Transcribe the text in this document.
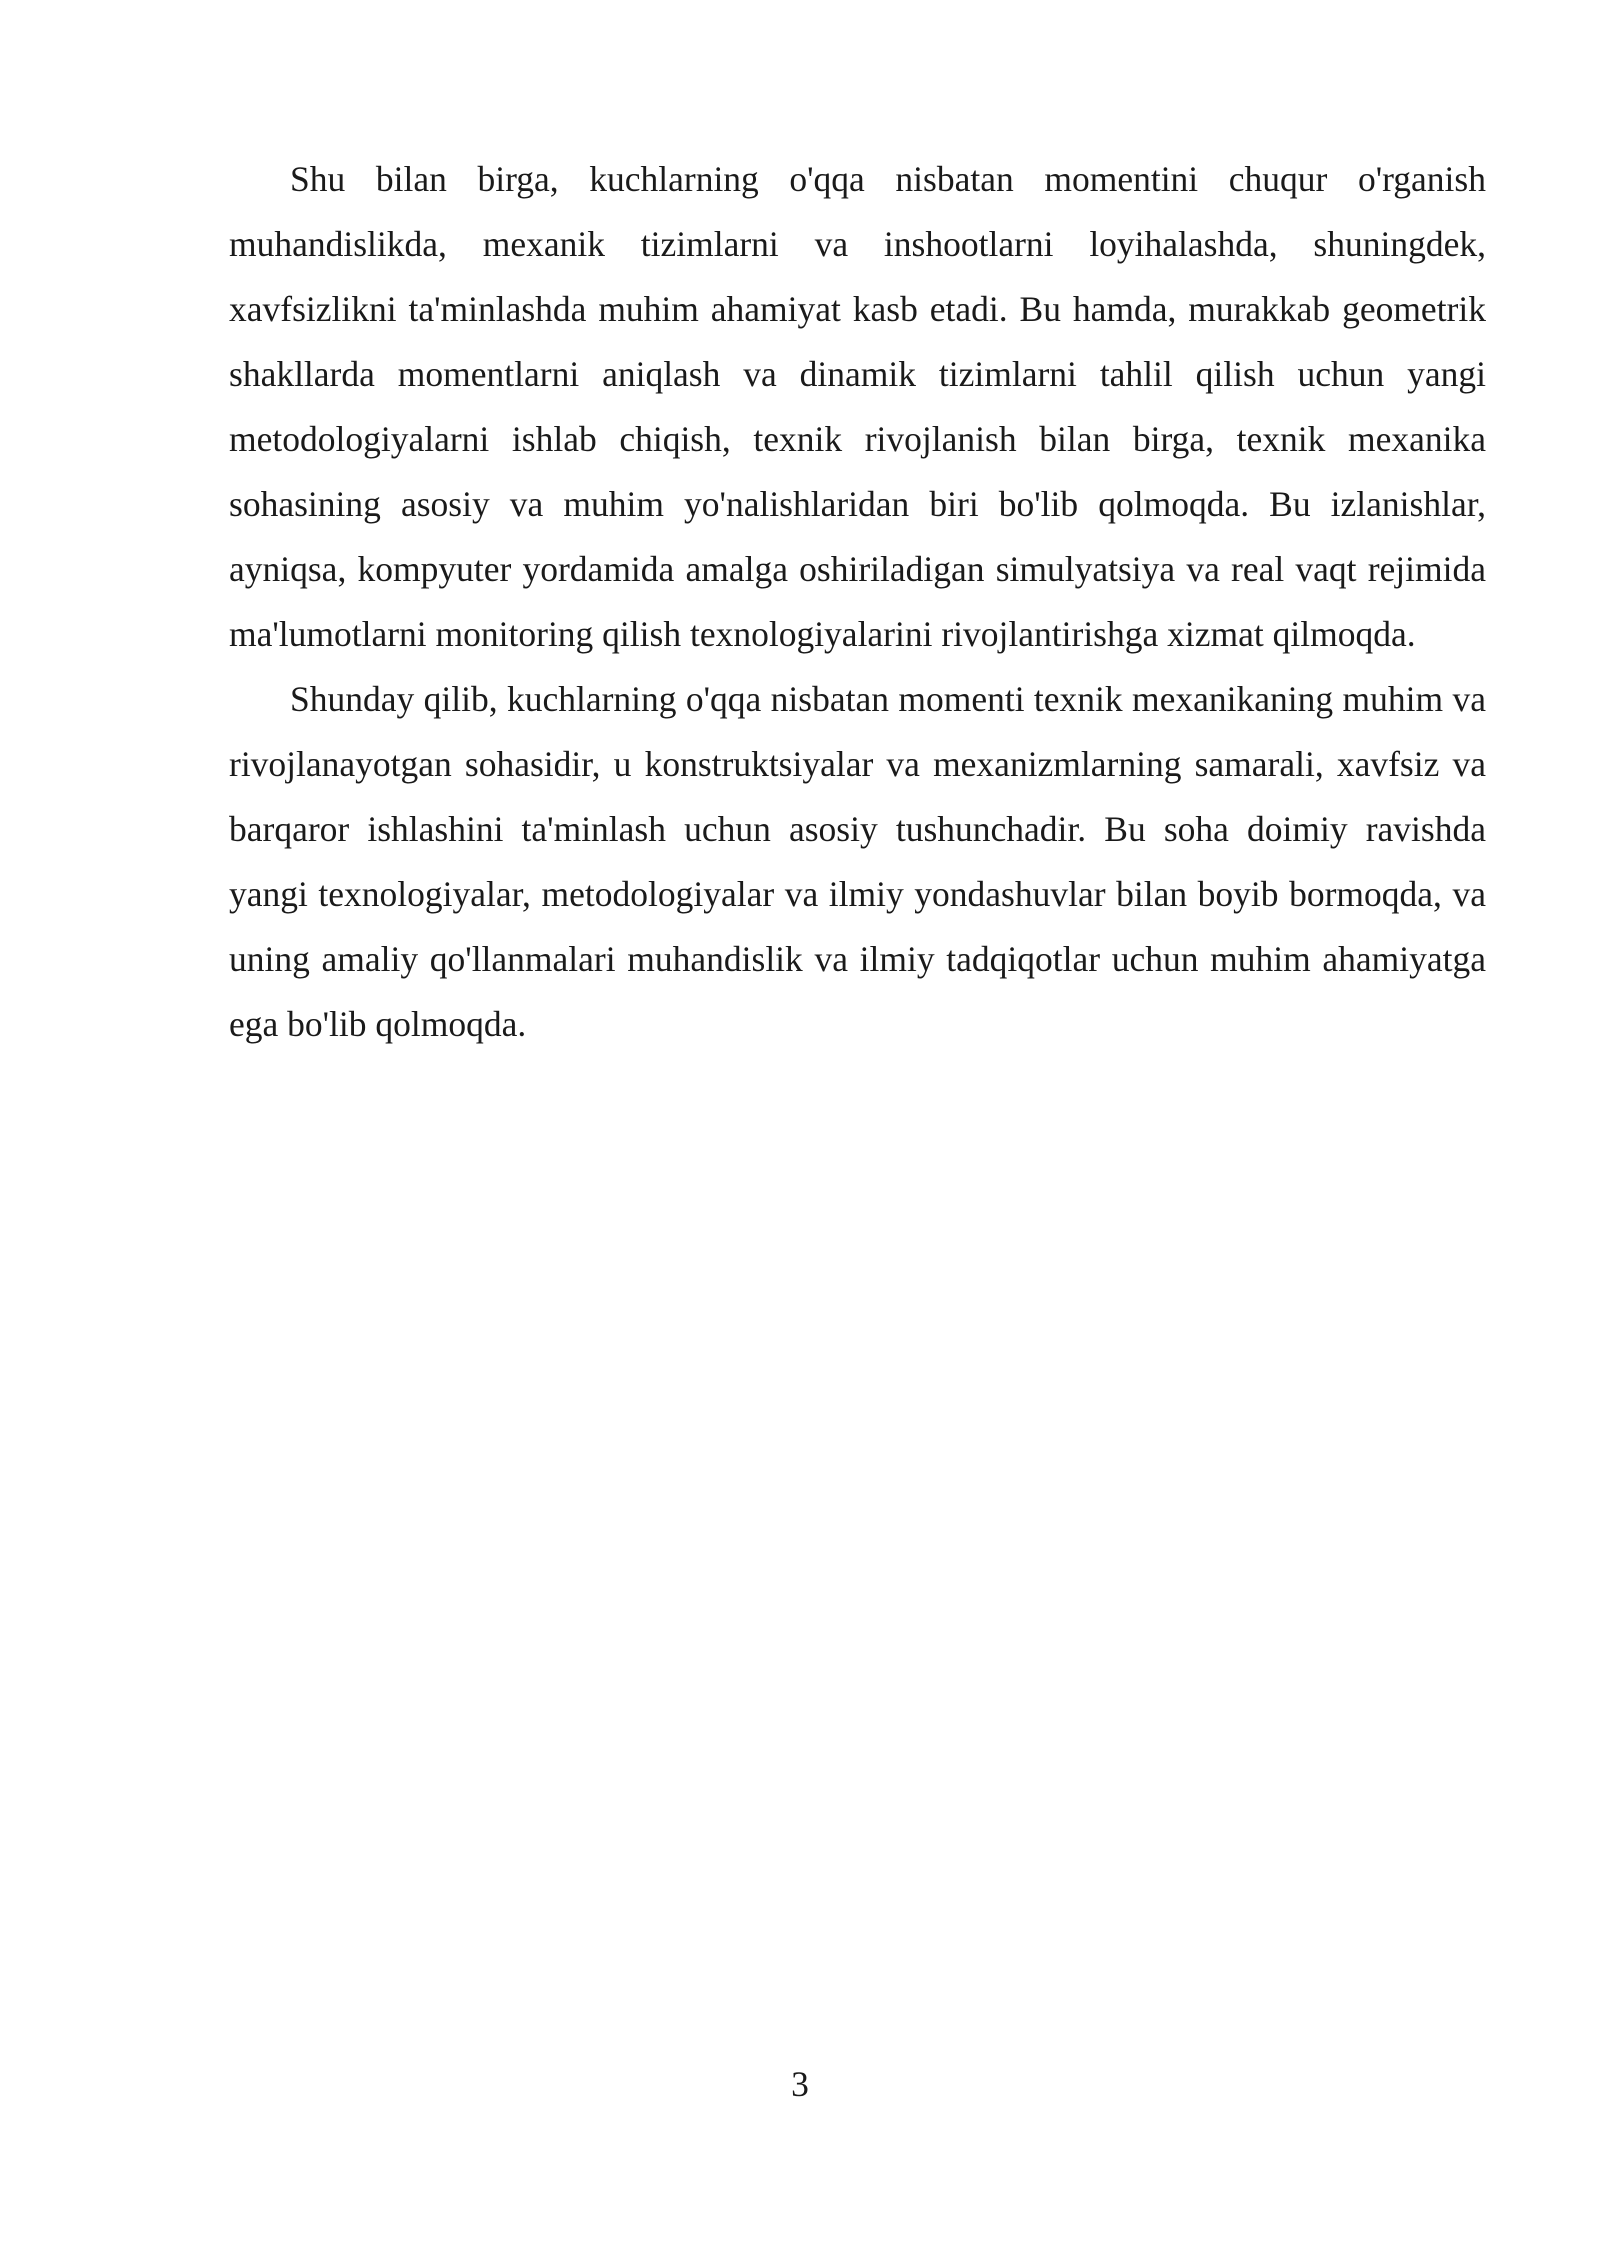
Shu bilan birga, kuchlarning o'qqa nisbatan momentini chuqur o'rganish muhandislikda, mexanik tizimlarni va inshootlarni loyihalashda, shuningdek, xavfsizlikni ta'minlashda muhim ahamiyat kasb etadi. Bu hamda, murakkab geometrik shakllarda momentlarni aniqlash va dinamik tizimlarni tahlil qilish uchun yangi metodologiyalarni ishlab chiqish, texnik rivojlanish bilan birga, texnik mexanika sohasining asosiy va muhim yo'nalishlaridan biri bo'lib qolmoqda. Bu izlanishlar, ayniqsa, kompyuter yordamida amalga oshiriladigan simulyatsiya va real vaqt rejimida ma'lumotlarni monitoring qilish texnologiyalarini rivojlantirishga xizmat qilmoqda.

Shunday qilib, kuchlarning o'qqa nisbatan momenti texnik mexanikaning muhim va rivojlanayotgan sohasidir, u konstruktsiyalar va mexanizmlarning samarali, xavfsiz va barqaror ishlashini ta'minlash uchun asosiy tushunchadir. Bu soha doimiy ravishda yangi texnologiyalar, metodologiyalar va ilmiy yondashuvlar bilan boyib bormoqda, va uning amaliy qo'llanmalari muhandislik va ilmiy tadqiqotlar uchun muhim ahamiyatga ega bo'lib qolmoqda.

3
